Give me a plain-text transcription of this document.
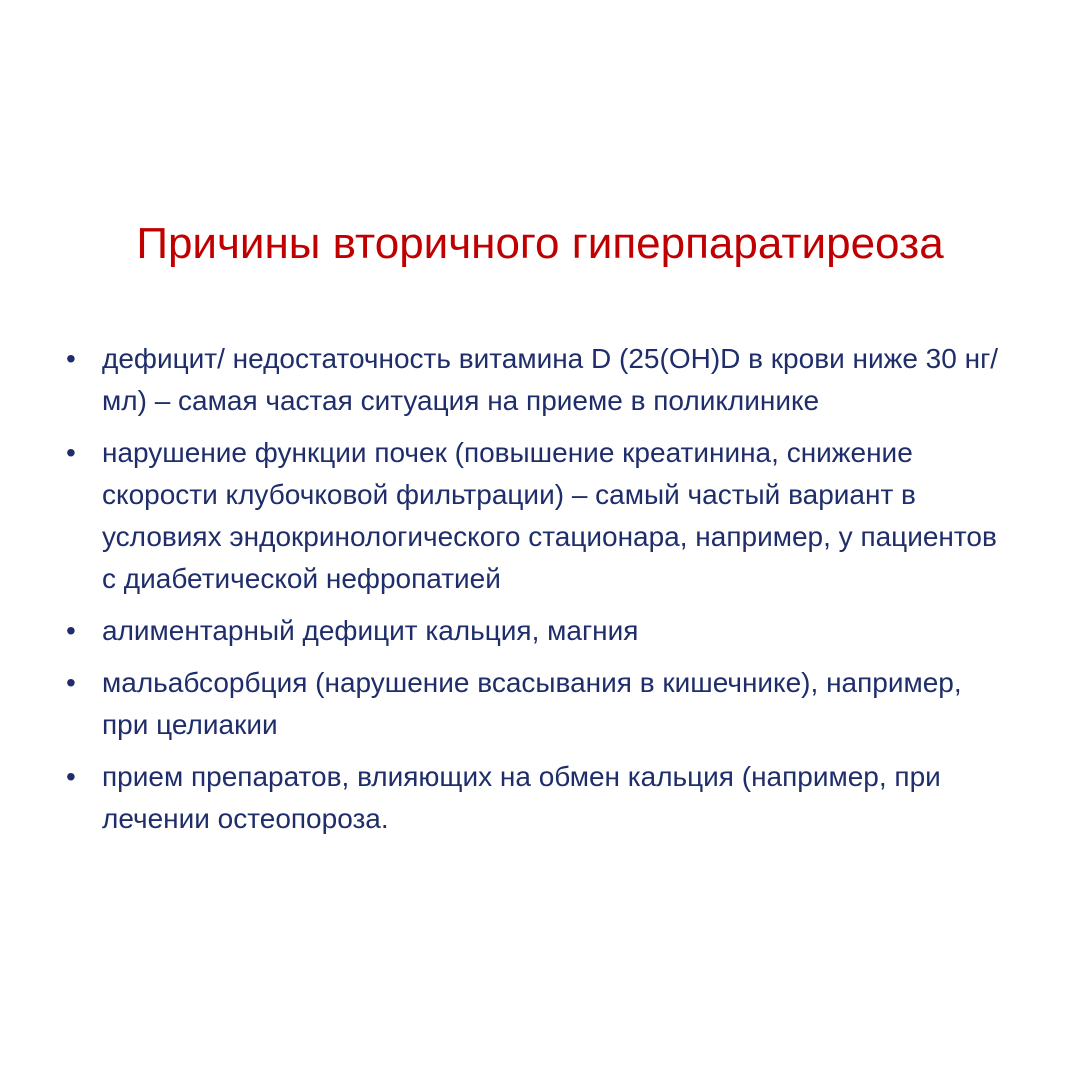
Причины вторичного гиперпаратиреоза
• дефицит/ недостаточность витамина D (25(OH)D в крови ниже 30 нг/мл) – самая частая ситуация на приеме в поликлинике
• нарушение функции почек (повышение креатинина, снижение скорости клубочковой фильтрации) – самый частый вариант в условиях эндокринологического стационара, например, у пациентов с диабетической нефропатией
• алиментарный дефицит кальция, магния
• мальабсорбция (нарушение всасывания в кишечнике), например, при целиакии
• прием препаратов, влияющих на обмен кальция (например, при лечении остеопороза.
